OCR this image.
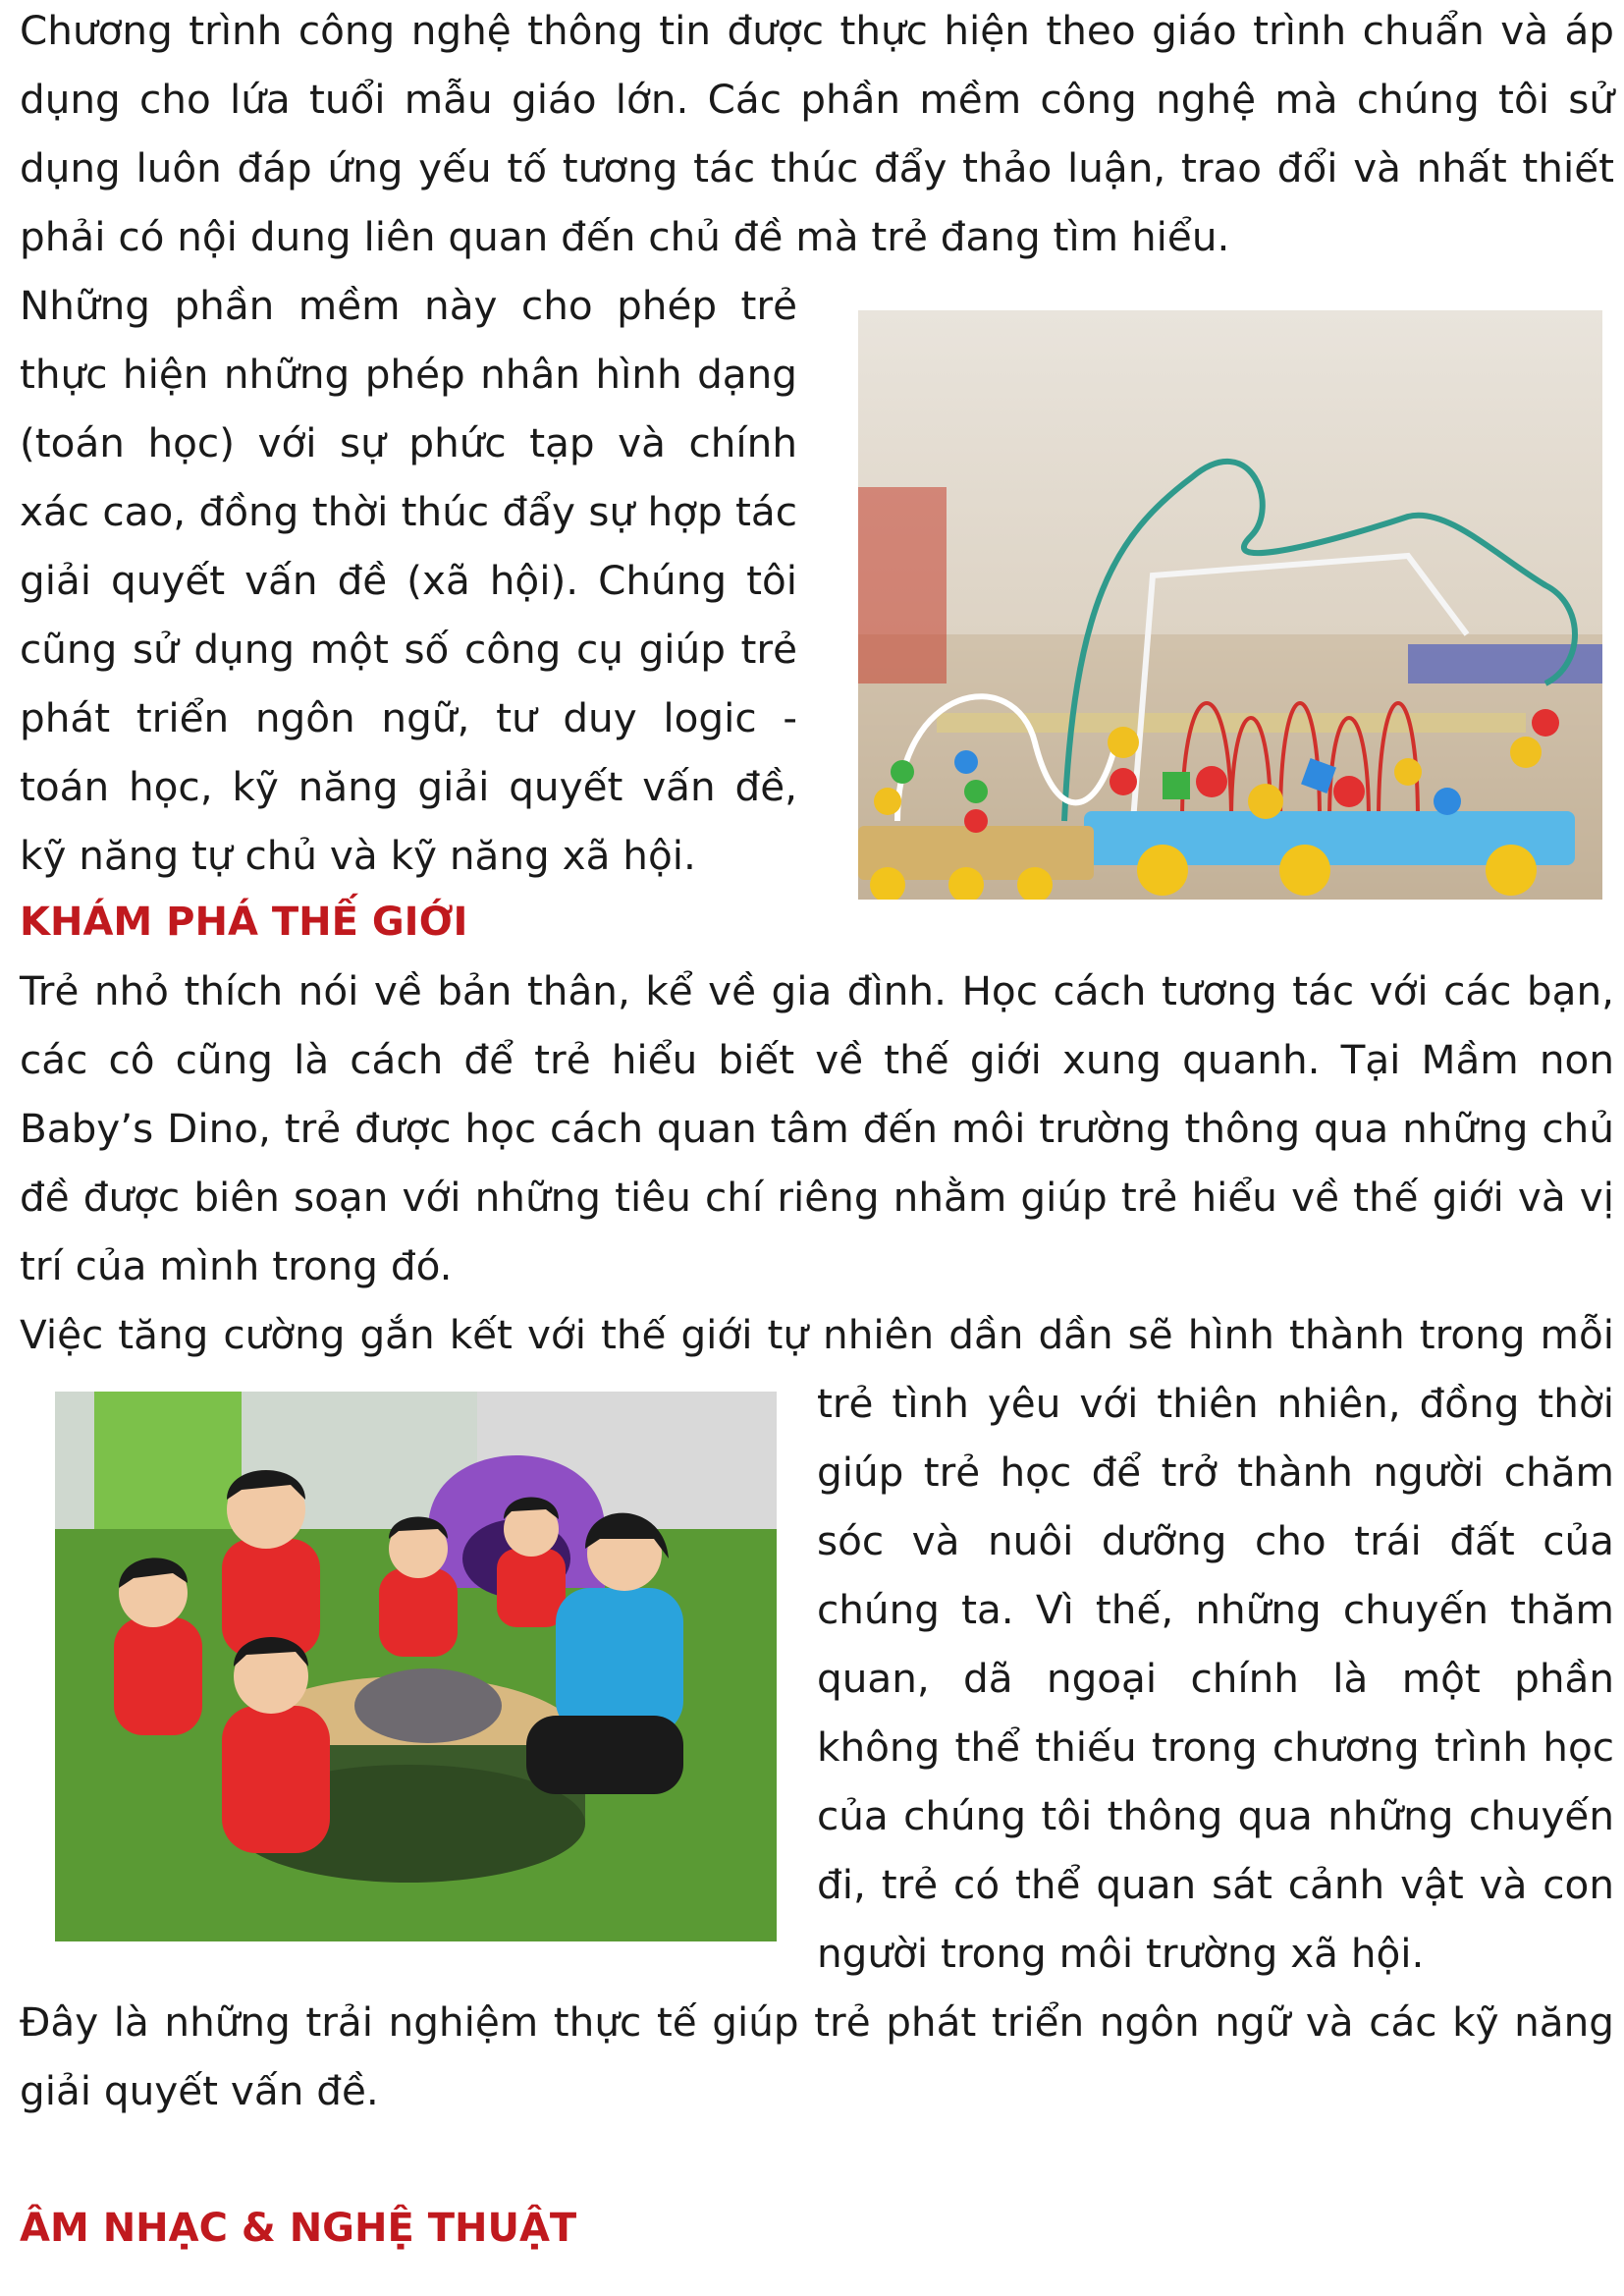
Chương trình công nghệ thông tin được thực hiện theo giáo trình chuẩn và áp dụng cho lứa tuổi mẫu giáo lớn. Các phần mềm công nghệ mà chúng tôi sử dụng luôn đáp ứng yếu tố tương tác thúc đẩy thảo luận, trao đổi và nhất thiết phải có nội dung liên quan đến chủ đề mà trẻ đang tìm hiểu.

Những phần mềm này cho phép trẻ thực hiện những phép nhân hình dạng (toán học) với sự phức tạp và chính xác cao, đồng thời thúc đẩy sự hợp tác giải quyết vấn đề (xã hội). Chúng tôi cũng sử dụng một số công cụ giúp trẻ phát triển ngôn ngữ, tư duy logic - toán học, kỹ năng giải quyết vấn đề, kỹ năng tự chủ và kỹ năng xã hội.

KHÁM PHÁ THẾ GIỚI

Trẻ nhỏ thích nói về bản thân, kể về gia đình. Học cách tương tác với các bạn, các cô cũng là cách để trẻ hiểu biết về thế giới xung quanh. Tại Mầm non Baby’s Dino, trẻ được học cách quan tâm đến môi trường thông qua những chủ đề được biên soạn với những tiêu chí riêng nhằm giúp trẻ hiểu về thế giới và vị trí của mình trong đó.

Việc tăng cường gắn kết với thế giới tự nhiên dần dần sẽ hình thành trong mỗi

trẻ tình yêu với thiên nhiên, đồng thời giúp trẻ học để trở thành người chăm sóc và nuôi dưỡng cho trái đất của chúng ta. Vì thế, những chuyến thăm quan, dã ngoại chính là một phần không thể thiếu trong chương trình học của chúng tôi thông qua những chuyến đi, trẻ có thể quan sát cảnh vật và con người trong môi trường xã hội.

Đây là những trải nghiệm thực tế giúp trẻ phát triển ngôn ngữ và các kỹ năng giải quyết vấn đề.

ÂM NHẠC & NGHỆ THUẬT
